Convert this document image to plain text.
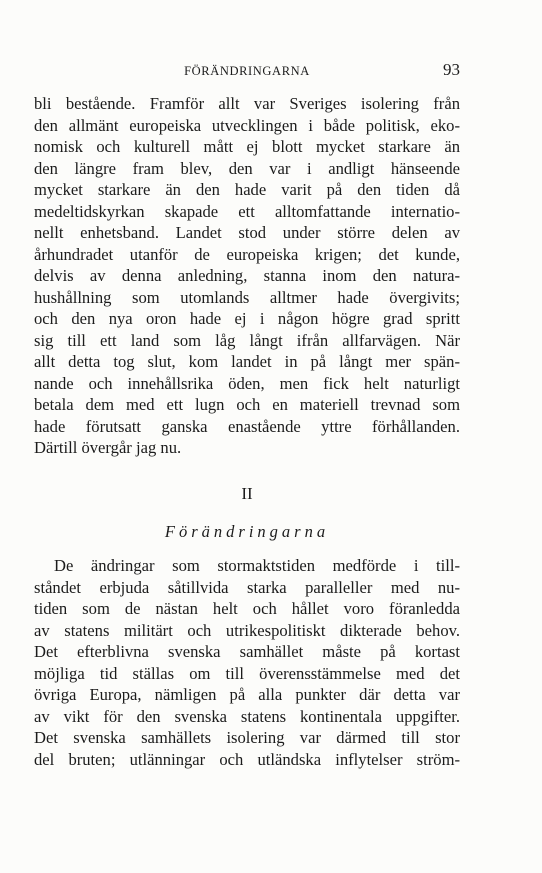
FÖRÄNDRINGARNA	93
bli bestående. Framför allt var Sveriges isolering från
den allmänt europeiska utvecklingen i både politisk, eko-
nomisk och kulturell mått ej blott mycket starkare än
den längre fram blev, den var i andligt hänseende
mycket starkare än den hade varit på den tiden då
medeltidskyrkan skapade ett alltomfattande internatio-
nellt enhetsband. Landet stod under större delen av
århundradet utanför de europeiska krigen; det kunde,
delvis av denna anledning, stanna inom den natura-
hushållning som utomlands alltmer hade övergivits;
och den nya oron hade ej i någon högre grad spritt
sig till ett land som låg långt ifrån allfarvägen. När
allt detta tog slut, kom landet in på långt mer spän-
nande och innehållsrika öden, men fick helt naturligt
betala dem med ett lugn och en materiell trevnad som
hade förutsatt ganska enastående yttre förhållanden.
Därtill övergår jag nu.
II
Förändringarna
De ändringar som stormaktstiden medförde i till-
ståndet erbjuda såtillvida starka paralleller med nu-
tiden som de nästan helt och hållet voro föranledda
av statens militärt och utrikespolitiskt dikterade behov.
Det efterblivna svenska samhället måste på kortast
möjliga tid ställas om till överensstämmelse med det
övriga Europa, nämligen på alla punkter där detta var
av vikt för den svenska statens kontinentala uppgifter.
Det svenska samhällets isolering var därmed till stor
del bruten; utlänningar och utländska inflytelser ström-
